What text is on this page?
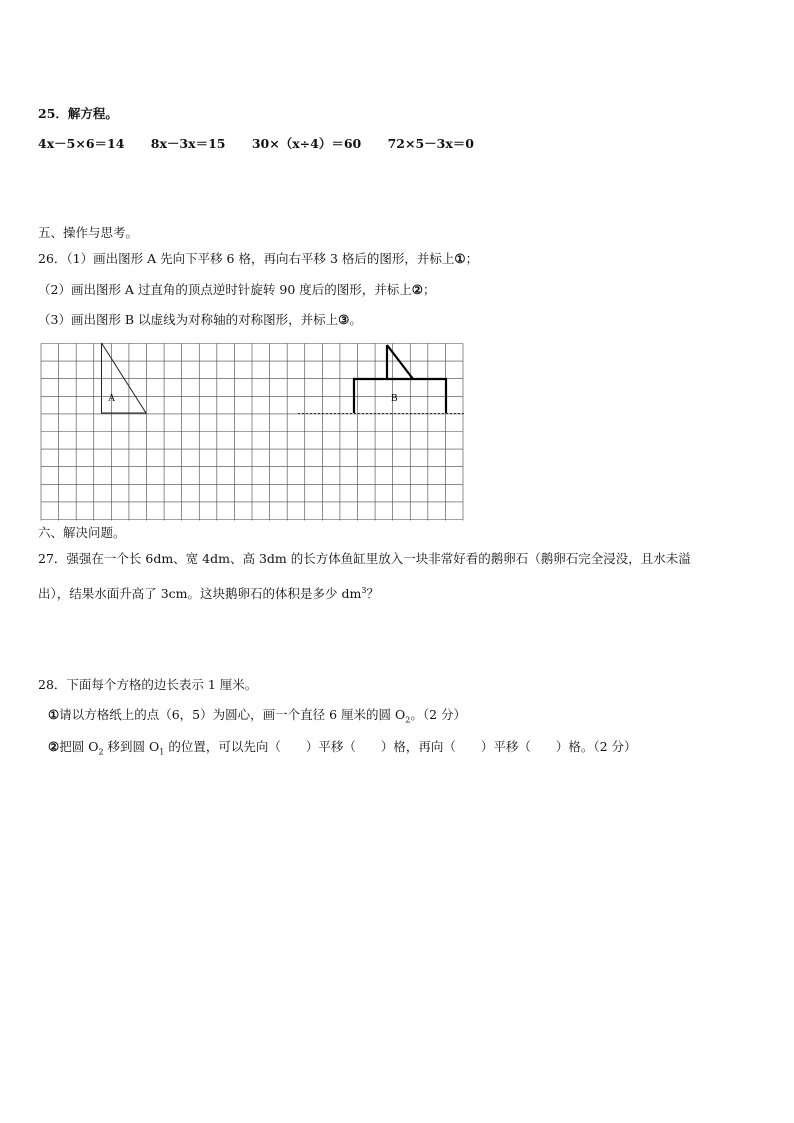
25．解方程。
4x－5×6＝14 8x－3x＝15 30×（x÷4）＝60 72×5－3x＝0
五、操作与思考。
26．（1）画出图形 A 先向下平移 6 格，再向右平移 3 格后的图形，并标上①；
（2）画出图形 A 过直角的顶点逆时针旋转 90 度后的图形，并标上②；
（3）画出图形 B 以虚线为对称轴的对称图形，并标上③。
A	B
六、解决问题。
27．强强在一个长 6dm、宽 4dm、高 3dm 的长方体鱼缸里放入一块非常好看的鹅卵石（鹅卵石完全浸没，且水未溢
出），结果水面升高了 3cm。这块鹅卵石的体积是多少 $dm^3$？
28．下面每个方格的边长表示 1 厘米。
①请以方格纸上的点（6，5）为圆心，画一个直径 6 厘米的圆 $O_2$。（2 分）
②把圆 $O_2$ 移到圆 $O_1$ 的位置，可以先向（　　）平移（　　）格，再向（　　）平移（　　）格。（2 分）
